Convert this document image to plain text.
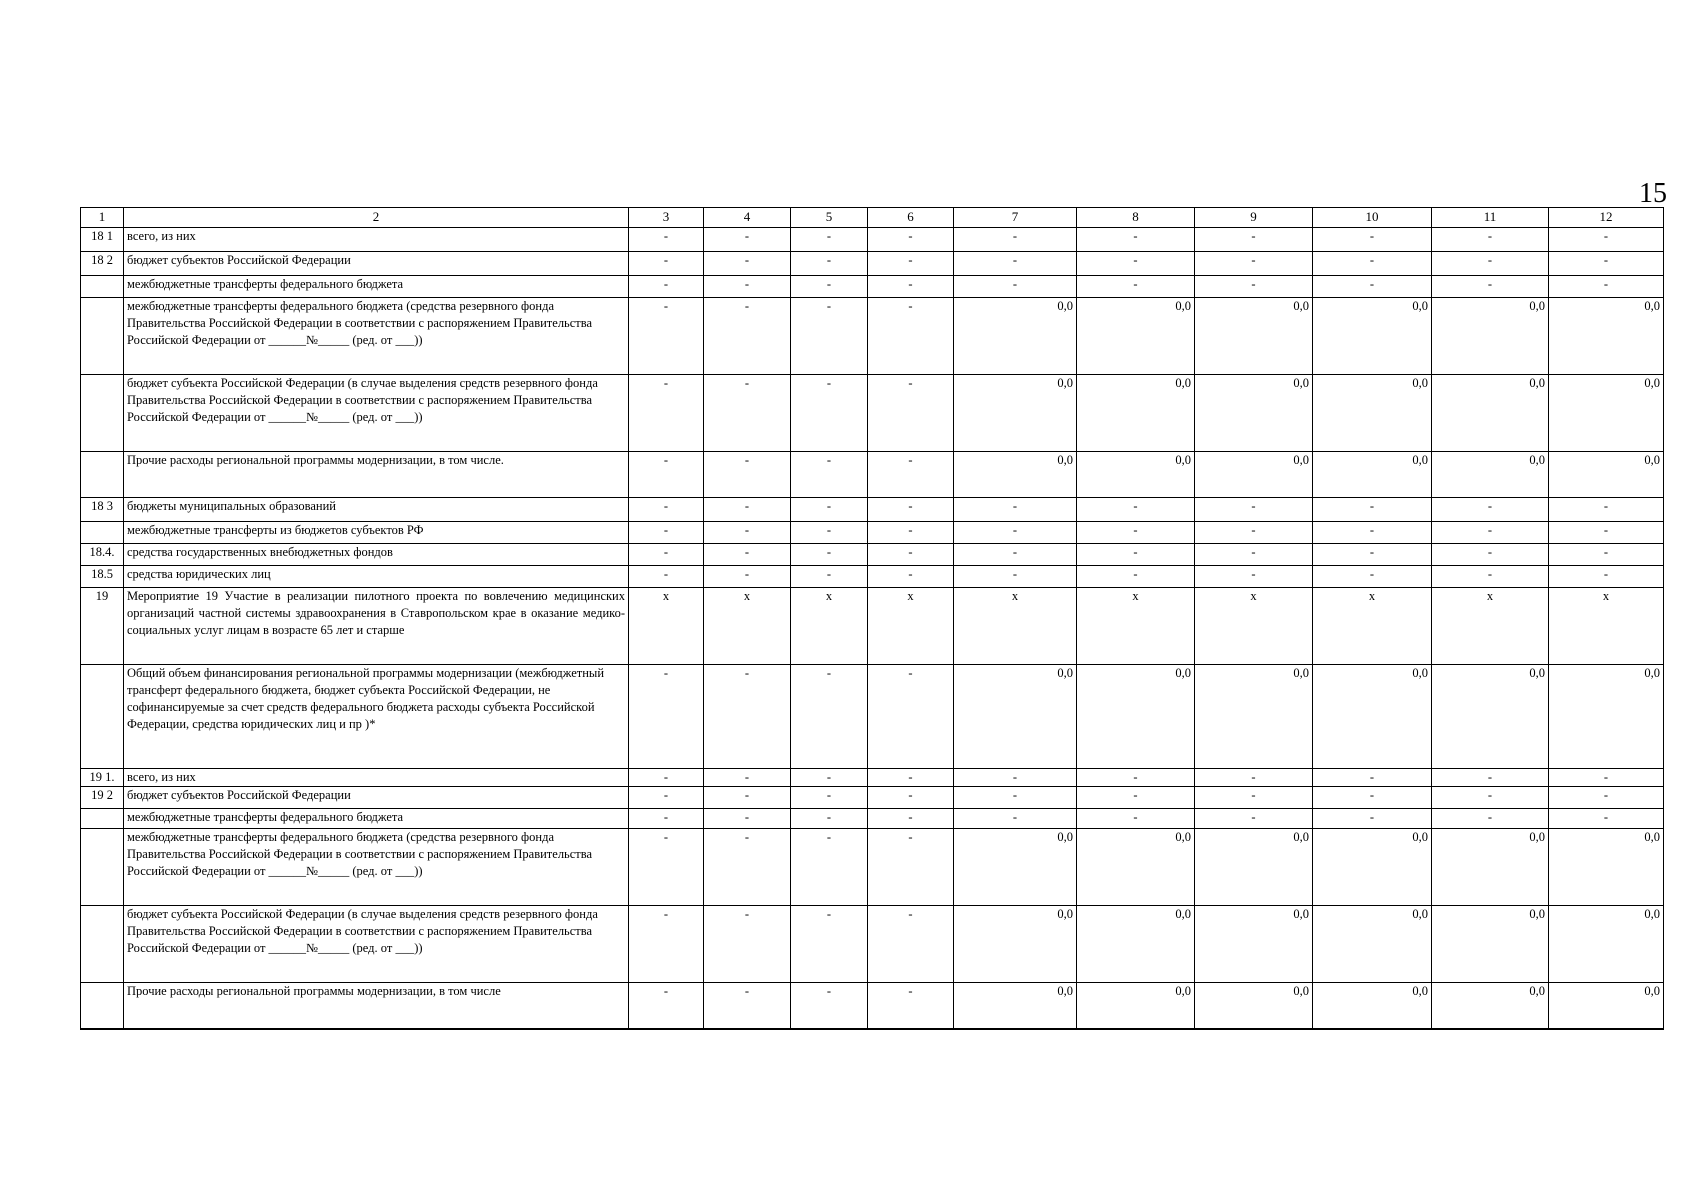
15
1	2	3	4	5	6	7	8	9	10	11	12
18 1	всего, из них	-	-	-	-	-	-	-	-	-	-
18 2	бюджет субъектов Российской Федерации	-	-	-	-	-	-	-	-	-	-
	межбюджетные трансферты федерального бюджета	-	-	-	-	-	-	-	-	-	-
	межбюджетные трансферты федерального бюджета (средства резервного фонда Правительства Российской Федерации в соответствии с распоряжением Правительства Российской Федерации от ______№_____ (ред. от ___))	-	-	-	-	0,0	0,0	0,0	0,0	0,0	0,0
	бюджет субъекта Российской Федерации (в случае выделения средств резервного фонда Правительства Российской Федерации в соответствии с распоряжением Правительства Российской Федерации от ______№_____ (ред. от ___))	-	-	-	-	0,0	0,0	0,0	0,0	0,0	0,0
	Прочие расходы региональной программы модернизации, в том числе.	-	-	-	-	0,0	0,0	0,0	0,0	0,0	0,0
18 3	бюджеты муниципальных образований	-	-	-	-	-	-	-	-	-	-
	межбюджетные трансферты из бюджетов субъектов РФ	-	-	-	-	-	-	-	-	-	-
18.4.	средства государственных внебюджетных фондов	-	-	-	-	-	-	-	-	-	-
18.5	средства юридических лиц	-	-	-	-	-	-	-	-	-	-
19	Мероприятие 19 Участие в реализации пилотного проекта по вовлечению медицинских организаций частной системы здравоохранения в Ставропольском крае в оказание медико-социальных услуг лицам в возрасте 65 лет и старше	х	х	х	х	х	х	х	х	х	х
	Общий объем финансирования региональной программы модернизации (межбюджетный трансферт федерального бюджета, бюджет субъекта Российской Федерации, не софинансируемые за счет средств федерального бюджета расходы субъекта Российской Федерации, средства юридических лиц и пр )*	-	-	-	-	0,0	0,0	0,0	0,0	0,0	0,0
19 1.	всего, из них	-	-	-	-	-	-	-	-	-	-
19 2	бюджет субъектов Российской Федерации	-	-	-	-	-	-	-	-	-	-
	межбюджетные трансферты федерального бюджета	-	-	-	-	-	-	-	-	-	-
	межбюджетные трансферты федерального бюджета (средства резервного фонда Правительства Российской Федерации в соответствии с распоряжением Правительства Российской Федерации от ______№_____ (ред. от ___))	-	-	-	-	0,0	0,0	0,0	0,0	0,0	0,0
	бюджет субъекта Российской Федерации (в случае выделения средств резервного фонда Правительства Российской Федерации в соответствии с распоряжением Правительства Российской Федерации от ______№_____ (ред. от ___))	-	-	-	-	0,0	0,0	0,0	0,0	0,0	0,0
	Прочие расходы региональной программы модернизации, в том числе	-	-	-	-	0,0	0,0	0,0	0,0	0,0	0,0
